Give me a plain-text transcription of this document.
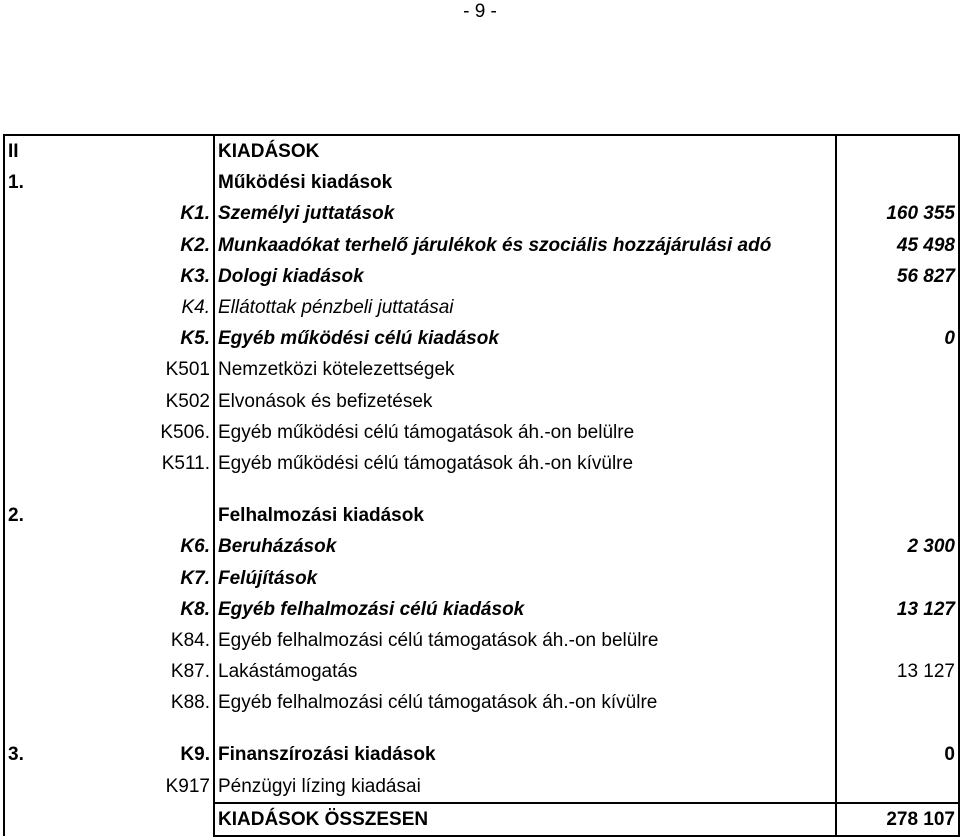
- 9 -
II		KIADÁSOK	
1.		Működési kiadások	
	K1.	Személyi juttatások	160 355
	K2.	Munkaadókat terhelő járulékok és szociális hozzájárulási adó	45 498
	K3.	Dologi kiadások	56 827
	K4.	Ellátottak pénzbeli juttatásai	
	K5.	Egyéb működési célú kiadások	0
	K501	Nemzetközi kötelezettségek	
	K502	Elvonások és befizetések	
	K506.	Egyéb működési célú támogatások áh.-on belülre	
	K511.	Egyéb működési célú támogatások áh.-on kívülre	

2.		Felhalmozási kiadások	
	K6.	Beruházások	2 300
	K7.	Felújítások	
	K8.	Egyéb felhalmozási célú kiadások	13 127
	K84.	Egyéb felhalmozási célú támogatások áh.-on belülre	
	K87.	Lakástámogatás	13 127
	K88.	Egyéb felhalmozási célú támogatások áh.-on kívülre	

3.	K9.	Finanszírozási kiadások	0
	K917	Pénzügyi lízing kiadásai	
		KIADÁSOK ÖSSZESEN	278 107
